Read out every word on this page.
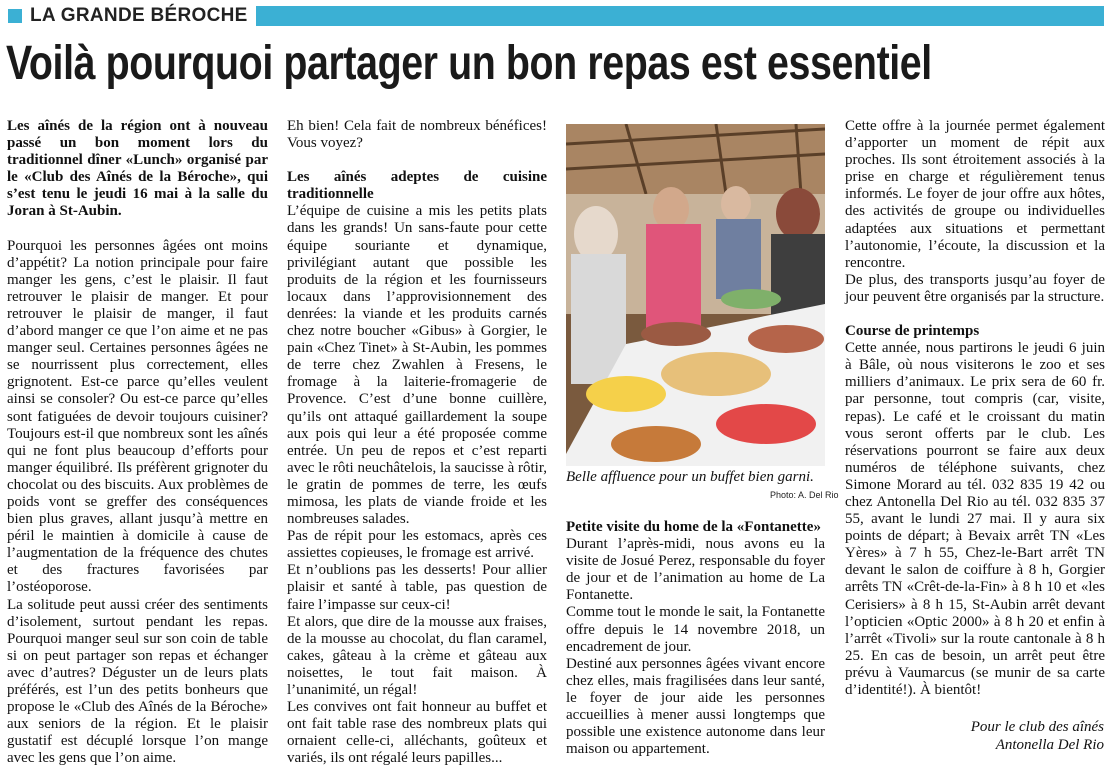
LA GRANDE BÉROCHE
Voilà pourquoi partager un bon repas est essentiel

Les aînés de la région ont à nouveau passé un bon moment lors du traditionnel dîner «Lunch» organisé par le «Club des Aînés de la Béroche», qui s’est tenu le jeudi 16 mai à la salle du Joran à St-Aubin.

Pourquoi les personnes âgées ont moins d’appétit? La notion principale pour faire manger les gens, c’est le plaisir. Il faut retrouver le plaisir de manger. Et pour retrouver le plaisir de manger, il faut d’abord manger ce que l’on aime et ne pas manger seul. Certaines personnes âgées ne se nourrissent plus correctement, elles grignotent. Est-ce parce qu’elles veulent ainsi se consoler? Ou est-ce parce qu’elles sont fatiguées de devoir toujours cuisiner? Toujours est-il que nombreux sont les aînés qui ne font plus beaucoup d’efforts pour manger équilibré. Ils préfèrent grignoter du chocolat ou des biscuits. Aux problèmes de poids vont se greffer des conséquences bien plus graves, allant jusqu’à mettre en péril le maintien à domicile à cause de l’augmentation de la fréquence des chutes et des fractures favorisées par l’ostéoporose.

La solitude peut aussi créer des sentiments d’isolement, surtout pendant les repas. Pourquoi manger seul sur son coin de table si on peut partager son repas et échanger avec d’autres? Déguster un de leurs plats préférés, est l’un des petits bonheurs que propose le «Club des Aînés de la Béroche» aux seniors de la région. Et le plaisir gustatif est décuplé lorsque l’on mange avec les gens que l’on aime.

Eh bien! Cela fait de nombreux bénéfices! Vous voyez?

Les aînés adeptes de cuisine traditionnelle

L’équipe de cuisine a mis les petits plats dans les grands! Un sans-faute pour cette équipe souriante et dynamique, privilégiant autant que possible les produits de la région et les fournisseurs locaux dans l’approvisionnement des denrées: la viande et les produits carnés chez notre boucher «Gibus» à Gorgier, le pain «Chez Tinet» à St-Aubin, les pommes de terre chez Zwahlen à Fresens, le fromage à la laiterie-fromagerie de Provence. C’est d’une bonne cuillère, qu’ils ont attaqué gaillardement la soupe aux pois qui leur a été proposée comme entrée. Un peu de repos et c’est reparti avec le rôti neuchâtelois, la saucisse à rôtir, le gratin de pommes de terre, les œufs mimosa, les plats de viande froide et les nombreuses salades.

Pas de répit pour les estomacs, après ces assiettes copieuses, le fromage est arrivé.

Et n’oublions pas les desserts! Pour allier plaisir et santé à table, pas question de faire l’impasse sur ceux-ci!

Et alors, que dire de la mousse aux fraises, de la mousse au chocolat, du flan caramel, cakes, gâteau à la crème et gâteau aux noisettes, le tout fait maison. À l’unanimité, un régal!

Les convives ont fait honneur au buffet et ont fait table rase des nombreux plats qui ornaient celle-ci, alléchants, goûteux et variés, ils ont régalé leurs papilles...

Belle affluence pour un buffet bien garni.

Photo: A. Del Rio

Petite visite du home de la «Fontanette»

Durant l’après-midi, nous avons eu la visite de Josué Perez, responsable du foyer de jour et de l’animation au home de La Fontanette.

Comme tout le monde le sait, la Fontanette offre depuis le 14 novembre 2018, un encadrement de jour.

Destiné aux personnes âgées vivant encore chez elles, mais fragilisées dans leur santé, le foyer de jour aide les personnes accueillies à mener aussi longtemps que possible une existence autonome dans leur maison ou appartement.

Cette offre à la journée permet également d’apporter un moment de répit aux proches. Ils sont étroitement associés à la prise en charge et régulièrement tenus informés. Le foyer de jour offre aux hôtes, des activités de groupe ou individuelles adaptées aux situations et permettant l’autonomie, l’écoute, la discussion et la rencontre.

De plus, des transports jusqu’au foyer de jour peuvent être organisés par la structure.

Course de printemps

Cette année, nous partirons le jeudi 6 juin à Bâle, où nous visiterons le zoo et ses milliers d’animaux. Le prix sera de 60 fr. par personne, tout compris (car, visite, repas). Le café et le croissant du matin vous seront offerts par le club. Les réservations pourront se faire aux deux numéros de téléphone suivants, chez Simone Morard au tél. 032 835 19 42 ou chez Antonella Del Rio au tél. 032 835 37 55, avant le lundi 27 mai. Il y aura six points de départ; à Bevaix arrêt TN «Les Yères» à 7 h 55, Chez-le-Bart arrêt TN devant le salon de coiffure à 8 h, Gorgier arrêts TN «Crêt-de-la-Fin» à 8 h 10 et «les Cerisiers» à 8 h 15, St-Aubin arrêt devant l’opticien «Optic 2000» à 8 h 20 et enfin à l’arrêt «Tivoli» sur la route cantonale à 8 h 25. En cas de besoin, un arrêt peut être prévu à Vaumarcus (se munir de sa carte d’identité!). À bientôt!

Pour le club des aînés
Antonella Del Rio
